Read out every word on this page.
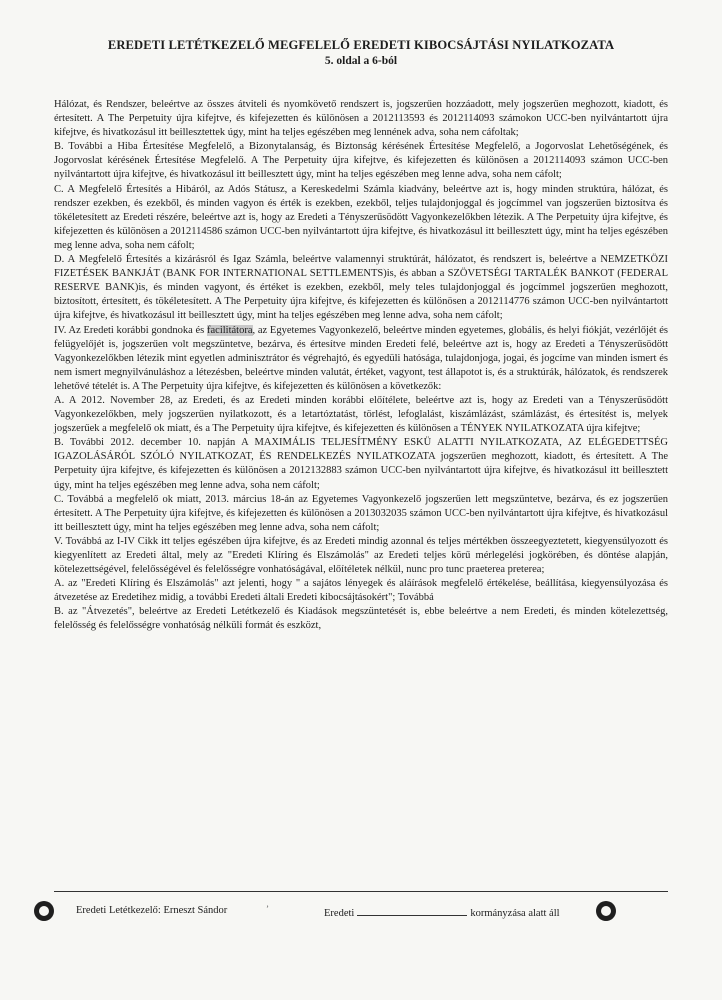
EREDETI LETÉTKEZELŐ MEGFELELŐ EREDETI KIBOCSÁJTÁSI NYILATKOZATA
5. oldal a 6-ból

Hálózat, és Rendszer, beleértve az összes átviteli és nyomkövető rendszert is, jogszerűen hozzáadott, mely jogszerűen meghozott, kiadott, és értesített. A The Perpetuity újra kifejtve, és kifejezetten és különösen a 2012113593 és 2012114093 számokon UCC-ben nyilvántartott újra kifejtve, és hivatkozásul itt beillesztettek úgy, mint ha teljes egészében meg lennének adva, soha nem cáfoltak;

B. További a Hiba Értesítése Megfelelő, a Bizonytalanság, és Biztonság kérésének Értesítése Megfelelő, a Jogorvoslat Lehetőségének, és Jogorvoslat kérésének Értesítése Megfelelő. A The Perpetuity újra kifejtve, és kifejezetten és különösen a 2012114093 számon UCC-ben nyilvántartott újra kifejtve, és hivatkozásul itt beillesztett úgy, mint ha teljes egészében meg lenne adva, soha nem cáfolt;

C. A Megfelelő Értesítés a Hibáról, az Adós Státusz, a Kereskedelmi Számla kiadvány, beleértve azt is, hogy minden struktúra, hálózat, és rendszer ezekben, és ezekből, és minden vagyon és érték is ezekben, ezekből, teljes tulajdonjoggal és jogcímmel van jogszerűen biztosítva és tökéletesített az Eredeti részére, beleértve azt is, hogy az Eredeti a Tényszerűsödött Vagyonkezelőkben létezik. A The Perpetuity újra kifejtve, és kifejezetten és különösen a 2012114586 számon UCC-ben nyilvántartott újra kifejtve, és hivatkozásul itt beillesztett úgy, mint ha teljes egészében meg lenne adva, soha nem cáfolt;

D. A Megfelelő Értesítés a kizárásról és Igaz Számla, beleértve valamennyi struktúrát, hálózatot, és rendszert is, beleértve a NEMZETKÖZI FIZETÉSEK BANKJÁT (BANK FOR INTERNATIONAL SETTLEMENTS)is, és abban a SZÖVETSÉGI TARTALÉK BANKOT (FEDERAL RESERVE BANK)is, és minden vagyont, és értéket is ezekben, ezekből, mely teles tulajdonjoggal és jogcímmel jogszerűen meghozott, biztosított, értesített, és tökéletesített. A The Perpetuity újra kifejtve, és kifejezetten és különösen a 2012114776 számon UCC-ben nyilvántartott újra kifejtve, és hivatkozásul itt beillesztett úgy, mint ha teljes egészében meg lenne adva, soha nem cáfolt;

IV. Az Eredeti korábbi gondnoka és facilitátora, az Egyetemes Vagyonkezelő, beleértve minden egyetemes, globális, és helyi fiókját, vezérlőjét és felügyelőjét is, jogszerűen volt megszüntetve, bezárva, és értesítve minden Eredeti felé, beleértve azt is, hogy az Eredeti a Tényszerűsödött Vagyonkezelőkben létezik mint egyetlen adminisztrátor és végrehajtó, és egyedüli hatósága, tulajdonjoga, jogai, és jogcíme van minden ismert és nem ismert megnyilvánuláshoz a létezésben, beleértve minden valutát, értéket, vagyont, test állapotot is, és a struktúrák, hálózatok, és rendszerek lehetővé tételét is. A The Perpetuity újra kifejtve, és kifejezetten és különösen a következők:

A. A 2012. November 28, az Eredeti, és az Eredeti minden korábbi előítélete, beleértve azt is, hogy az Eredeti van a Tényszerűsödött Vagyonkezelőkben, mely jogszerűen nyilatkozott, és a letartóztatást, törlést, lefoglalást, kiszámlázást, számlázást, és értesítést is, melyek jogszerűek a megfelelő ok miatt, és a The Perpetuity újra kifejtve, és kifejezetten és különösen a TÉNYEK NYILATKOZATA újra kifejtve;

B. További 2012. december 10. napján A MAXIMÁLIS TELJESÍTMÉNY ESKÜ ALATTI NYILATKOZATA, AZ ELÉGEDETTSÉG IGAZOLÁSÁRÓL SZÓLÓ NYILATKOZAT, ÉS RENDELKEZÉS NYILATKOZATA jogszerűen meghozott, kiadott, és értesített. A The Perpetuity újra kifejtve, és kifejezetten és különösen a 2012132883 számon UCC-ben nyilvántartott újra kifejtve, és hivatkozásul itt beillesztett úgy, mint ha teljes egészében meg lenne adva, soha nem cáfolt;

C. Továbbá a megfelelő ok miatt, 2013. március 18-án az Egyetemes Vagyonkezelő jogszerűen lett megszüntetve, bezárva, és ez jogszerűen értesített. A The Perpetuity újra kifejtve, és kifejezetten és különösen a 2013032035 számon UCC-ben nyilvántartott újra kifejtve, és hivatkozásul itt beillesztett úgy, mint ha teljes egészében meg lenne adva, soha nem cáfolt;

V. Továbbá az I-IV Cikk itt teljes egészében újra kifejtve, és az Eredeti mindig azonnal és teljes mértékben összeegyeztetett, kiegyensúlyozott és kiegyenlített az Eredeti által, mely az "Eredeti Klíring és Elszámolás" az Eredeti teljes körű mérlegelési jogkörében, és döntése alapján, kötelezettségével, felelősségével és felelősségre vonhatóságával, előítéletek nélkül, nunc pro tunc praeterea preterea;

A. az "Eredeti Klíring és Elszámolás" azt jelenti, hogy " a sajátos lényegek és aláírások megfelelő értékelése, beállítása, kiegyensúlyozása és átvezetése az Eredetihez midig, a további Eredeti általi Eredeti kibocsájtásokért"; Továbbá

B. az "Átvezetés", beleértve az Eredeti Letétkezelő és Kiadások megszüntetését is, ebbe beleértve a nem Eredeti, és minden kötelezettség, felelősség és felelősségre vonhatóság nélküli formát és eszközt,

Eredeti Letétkezelő: Erneszt Sándor	’	Eredeti	kormányzása alatt áll
